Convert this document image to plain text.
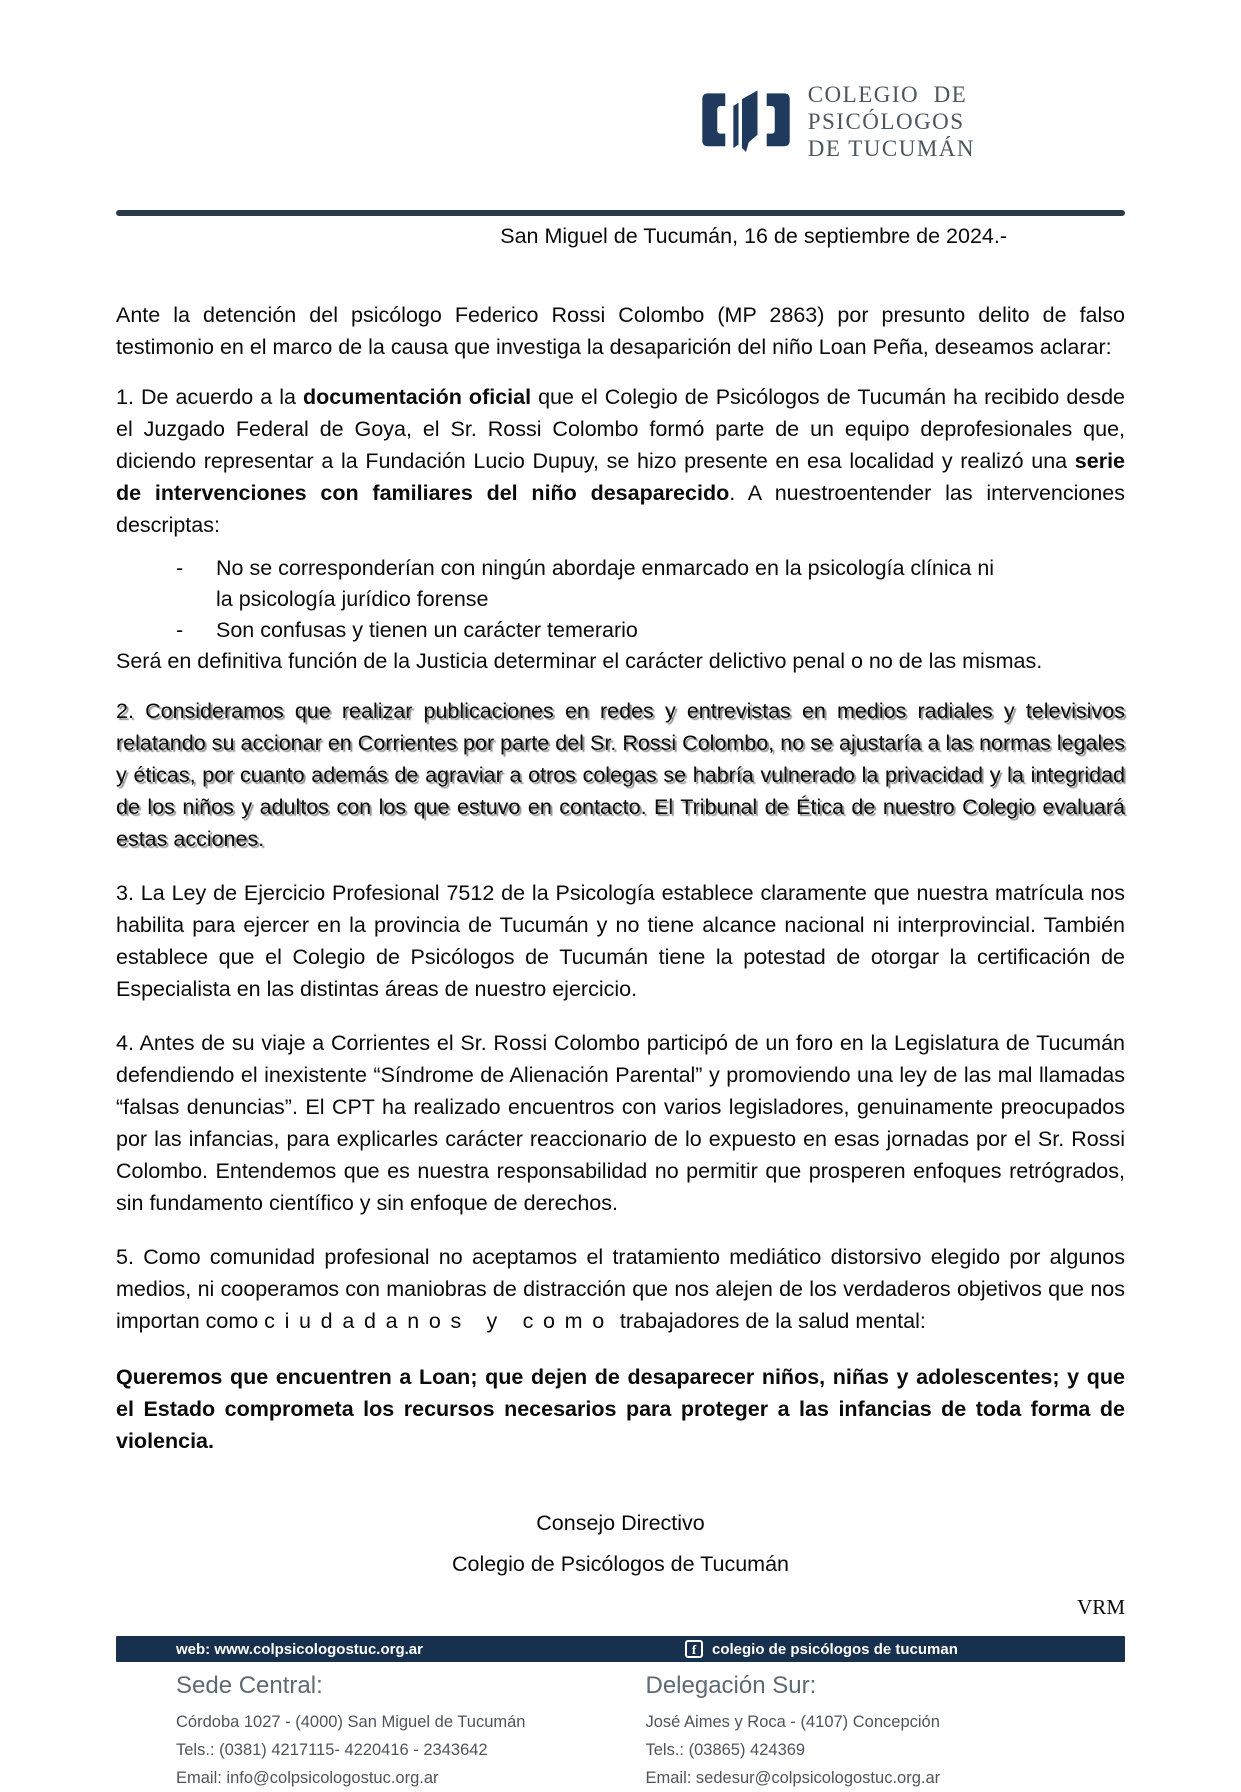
COLEGIO  DE
PSICÓLOGOS
DE TUCUMÁN
San Miguel de Tucumán, 16 de septiembre de 2024.-

Ante la detención del psicólogo Federico Rossi Colombo (MP 2863) por presunto delito de falso testimonio en el marco de la causa que investiga la desaparición del niño Loan Peña, deseamos aclarar:

1. De acuerdo a la documentación oficial que el Colegio de Psicólogos de Tucumán ha recibido desde el Juzgado Federal de Goya, el Sr. Rossi Colombo formó parte de un equipo deprofesionales que, diciendo representar a la Fundación Lucio Dupuy, se hizo presente en esa localidad y realizó una serie de intervenciones con familiares del niño desaparecido. A nuestroentender las intervenciones descriptas:

-	No se corresponderían con ningún abordaje enmarcado en la psicología clínica ni la psicología jurídico forense
-	Son confusas y tienen un carácter temerario
Será en definitiva función de la Justicia determinar el carácter delictivo penal o no de las mismas.

2. Consideramos que realizar publicaciones en redes y entrevistas en medios radiales y televisivos relatando su accionar en Corrientes por parte del Sr. Rossi Colombo, no se ajustaría a las normas legales y éticas, por cuanto además de agraviar a otros colegas se habría vulnerado la privacidad y la integridad de los niños y adultos con los que estuvo en contacto. El Tribunal de Ética de nuestro Colegio evaluará estas acciones.

3. La Ley de Ejercicio Profesional 7512 de la Psicología establece claramente que nuestra matrícula nos habilita para ejercer en la provincia de Tucumán y no tiene alcance nacional ni interprovincial. También establece que el Colegio de Psicólogos de Tucumán tiene la potestad de otorgar la certificación de Especialista en las distintas áreas de nuestro ejercicio.

4. Antes de su viaje a Corrientes el Sr. Rossi Colombo participó de un foro en la Legislatura de Tucumán defendiendo el inexistente “Síndrome de Alienación Parental” y promoviendo una ley de las mal llamadas “falsas denuncias”. El CPT ha realizado encuentros con varios legisladores, genuinamente preocupados por las infancias, para explicarles carácter reaccionario de lo expuesto en esas jornadas por el Sr. Rossi Colombo. Entendemos que es nuestra responsabilidad no permitir que prosperen enfoques retrógrados, sin fundamento científico y sin enfoque de derechos.

5. Como comunidad profesional no aceptamos el tratamiento mediático distorsivo elegido por algunos medios, ni cooperamos con maniobras de distracción que nos alejen de los verdaderos objetivos que nos importan como ciudadanos y como trabajadores de la salud mental:

Queremos que encuentren a Loan; que dejen de desaparecer niños, niñas y adolescentes; y que el Estado comprometa los recursos necesarios para proteger a las infancias de toda forma de violencia.

Consejo Directivo
Colegio de Psicólogos de Tucumán
VRM
web: www.colpsicologostuc.org.ar	f	colegio de psicólogos de tucuman
Sede Central:
Córdoba 1027 - (4000) San Miguel de Tucumán
Tels.: (0381) 4217115- 4220416 - 2343642
Email: info@colpsicologostuc.org.ar
Delegación Sur:
José Aimes y Roca - (4107) Concepción
Tels.: (03865) 424369
Email: sedesur@colpsicologostuc.org.ar
